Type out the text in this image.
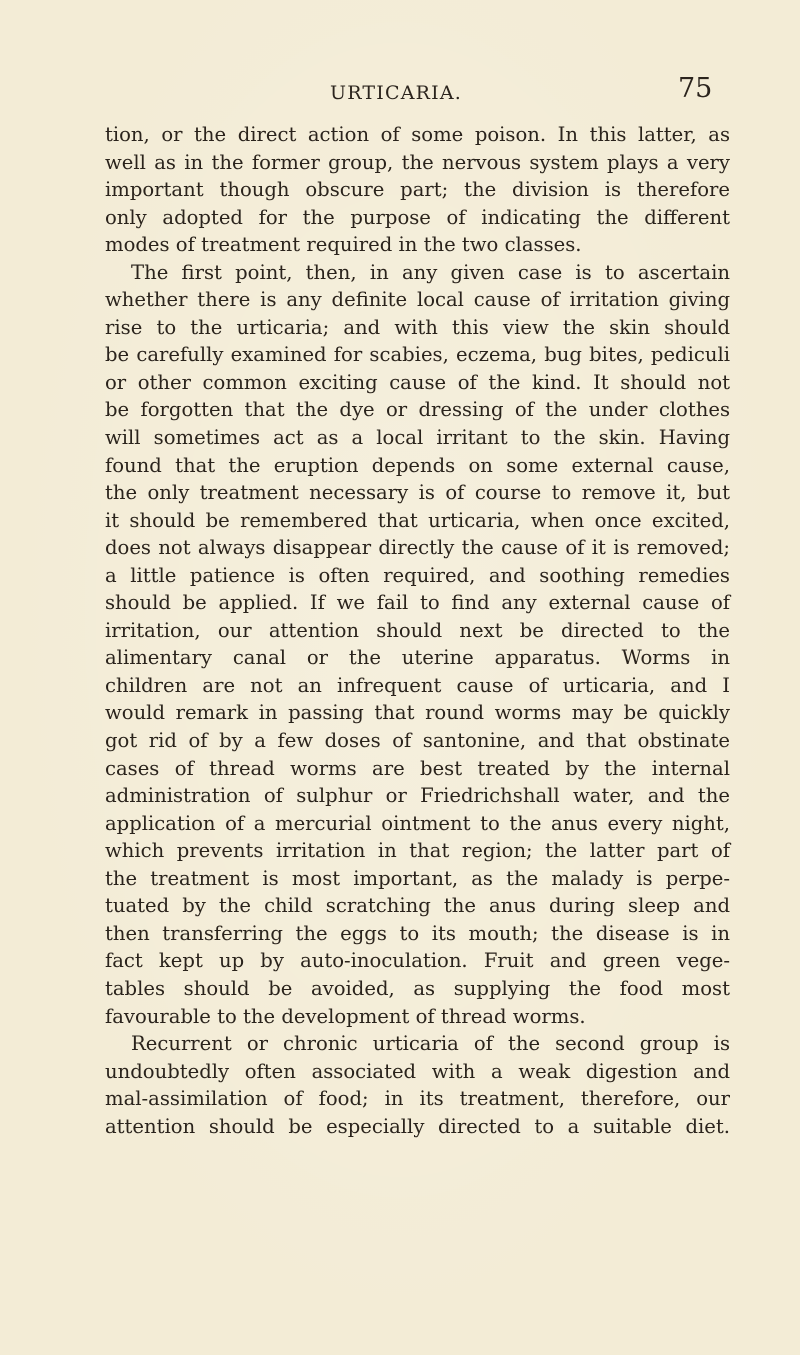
URTICARIA.	75
tion, or the direct action of some poison. In this latter, as
well as in the former group, the nervous system plays a very
important though obscure part; the division is therefore
only adopted for the purpose of indicating the different
modes of treatment required in the two classes.
The first point, then, in any given case is to ascertain
whether there is any definite local cause of irritation giving
rise to the urticaria; and with this view the skin should
be carefully examined for scabies, eczema, bug bites, pediculi
or other common exciting cause of the kind. It should not
be forgotten that the dye or dressing of the under clothes
will sometimes act as a local irritant to the skin. Having
found that the eruption depends on some external cause,
the only treatment necessary is of course to remove it, but
it should be remembered that urticaria, when once excited,
does not always disappear directly the cause of it is removed;
a little patience is often required, and soothing remedies
should be applied. If we fail to find any external cause of
irritation, our attention should next be directed to the
alimentary canal or the uterine apparatus. Worms in
children are not an infrequent cause of urticaria, and I
would remark in passing that round worms may be quickly
got rid of by a few doses of santonine, and that obstinate
cases of thread worms are best treated by the internal
administration of sulphur or Friedrichshall water, and the
application of a mercurial ointment to the anus every night,
which prevents irritation in that region; the latter part of
the treatment is most important, as the malady is perpe-
tuated by the child scratching the anus during sleep and
then transferring the eggs to its mouth; the disease is in
fact kept up by auto-inoculation. Fruit and green vege-
tables should be avoided, as supplying the food most
favourable to the development of thread worms.
Recurrent or chronic urticaria of the second group is
undoubtedly often associated with a weak digestion and
mal-assimilation of food; in its treatment, therefore, our
attention should be especially directed to a suitable diet.
